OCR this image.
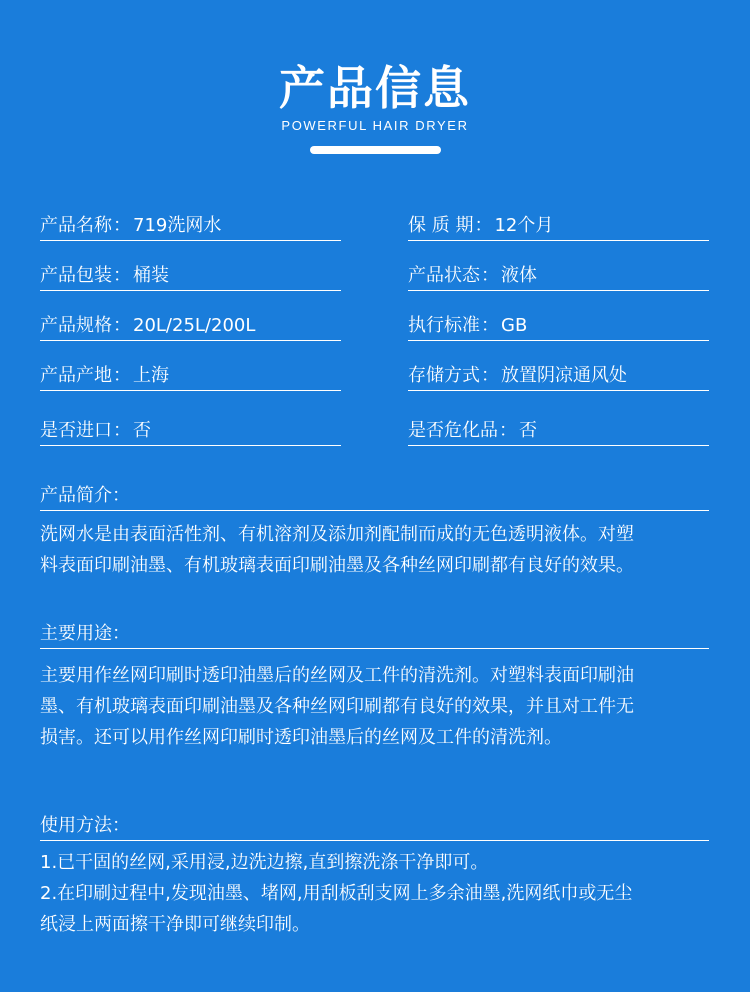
产品信息
POWERFUL HAIR DRYER
产品名称： 719洗网水	保 质 期： 12个月
产品包装： 桶装	产品状态： 液体
产品规格： 20L/25L/200L	执行标准： GB
产品产地： 上海	存储方式： 放置阴凉通风处
是否进口： 否	是否危化品： 否
产品简介：

洗网水是由表面活性剂、有机溶剂及添加剂配制而成的无色透明液体。对塑

料表面印刷油墨、有机玻璃表面印刷油墨及各种丝网印刷都有良好的效果。

主要用途：

主要用作丝网印刷时透印油墨后的丝网及工件的清洗剂。对塑料表面印刷油

墨、有机玻璃表面印刷油墨及各种丝网印刷都有良好的效果，并且对工件无

损害。还可以用作丝网印刷时透印油墨后的丝网及工件的清洗剂。

使用方法：

1.已干固的丝网,采用浸,边洗边擦,直到擦洗涤干净即可。

2.在印刷过程中,发现油墨、堵网,用刮板刮支网上多余油墨,洗网纸巾或无尘

纸浸上两面擦干净即可继续印制。
